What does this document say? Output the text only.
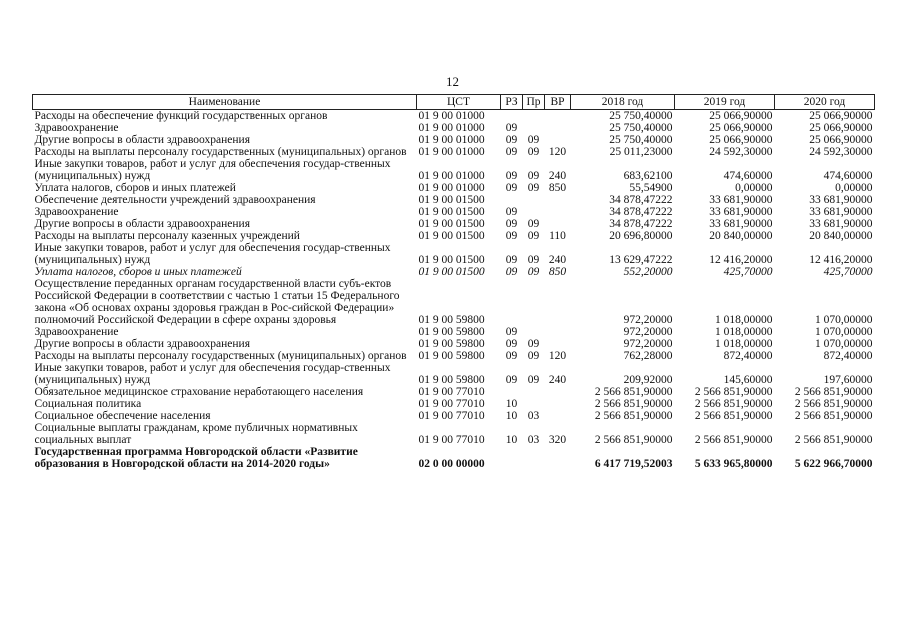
12
Наименование	ЦСТ	РЗ	Пр	ВР	2018 год	2019 год	2020 год
Расходы на обеспечение функций государственных органов	01 9 00 01000				25 750,40000	25 066,90000	25 066,90000
Здравоохранение	01 9 00 01000	09			25 750,40000	25 066,90000	25 066,90000
Другие вопросы в области здравоохранения	01 9 00 01000	09	09		25 750,40000	25 066,90000	25 066,90000
Расходы на выплаты персоналу государственных (муниципальных) органов	01 9 00 01000	09	09	120	25 011,23000	24 592,30000	24 592,30000
Иные закупки товаров, работ и услуг для обеспечения государ-ственных (муниципальных) нужд	01 9 00 01000	09	09	240	683,62100	474,60000	474,60000
Уплата налогов, сборов и иных платежей	01 9 00 01000	09	09	850	55,54900	0,00000	0,00000
Обеспечение деятельности учреждений здравоохранения	01 9 00 01500				34 878,47222	33 681,90000	33 681,90000
Здравоохранение	01 9 00 01500	09			34 878,47222	33 681,90000	33 681,90000
Другие вопросы в области здравоохранения	01 9 00 01500	09	09		34 878,47222	33 681,90000	33 681,90000
Расходы на выплаты персоналу казенных учреждений	01 9 00 01500	09	09	110	20 696,80000	20 840,00000	20 840,00000
Иные закупки товаров, работ и услуг для обеспечения государ-ственных (муниципальных) нужд	01 9 00 01500	09	09	240	13 629,47222	12 416,20000	12 416,20000
Уплата налогов, сборов и иных платежей	01 9 00 01500	09	09	850	552,20000	425,70000	425,70000
Осуществление переданных органам государственной власти субъ-ектов Российской Федерации в соответствии с частью 1 статьи 15 Федерального закона «Об основах охраны здоровья граждан в Рос-сийской Федерации» полномочий Российской Федерации в сфере охраны здоровья	01 9 00 59800				972,20000	1 018,00000	1 070,00000
Здравоохранение	01 9 00 59800	09			972,20000	1 018,00000	1 070,00000
Другие вопросы в области здравоохранения	01 9 00 59800	09	09		972,20000	1 018,00000	1 070,00000
Расходы на выплаты персоналу государственных (муниципальных) органов	01 9 00 59800	09	09	120	762,28000	872,40000	872,40000
Иные закупки товаров, работ и услуг для обеспечения государ-ственных (муниципальных) нужд	01 9 00 59800	09	09	240	209,92000	145,60000	197,60000
Обязательное медицинское страхование неработающего населения	01 9 00 77010				2 566 851,90000	2 566 851,90000	2 566 851,90000
Социальная политика	01 9 00 77010	10			2 566 851,90000	2 566 851,90000	2 566 851,90000
Социальное обеспечение населения	01 9 00 77010	10	03		2 566 851,90000	2 566 851,90000	2 566 851,90000
Социальные выплаты гражданам, кроме публичных нормативных социальных выплат	01 9 00 77010	10	03	320	2 566 851,90000	2 566 851,90000	2 566 851,90000
Государственная программа Новгородской области «Развитие образования в Новгородской области на 2014-2020 годы»	02 0 00 00000				6 417 719,52003	5 633 965,80000	5 622 966,70000
